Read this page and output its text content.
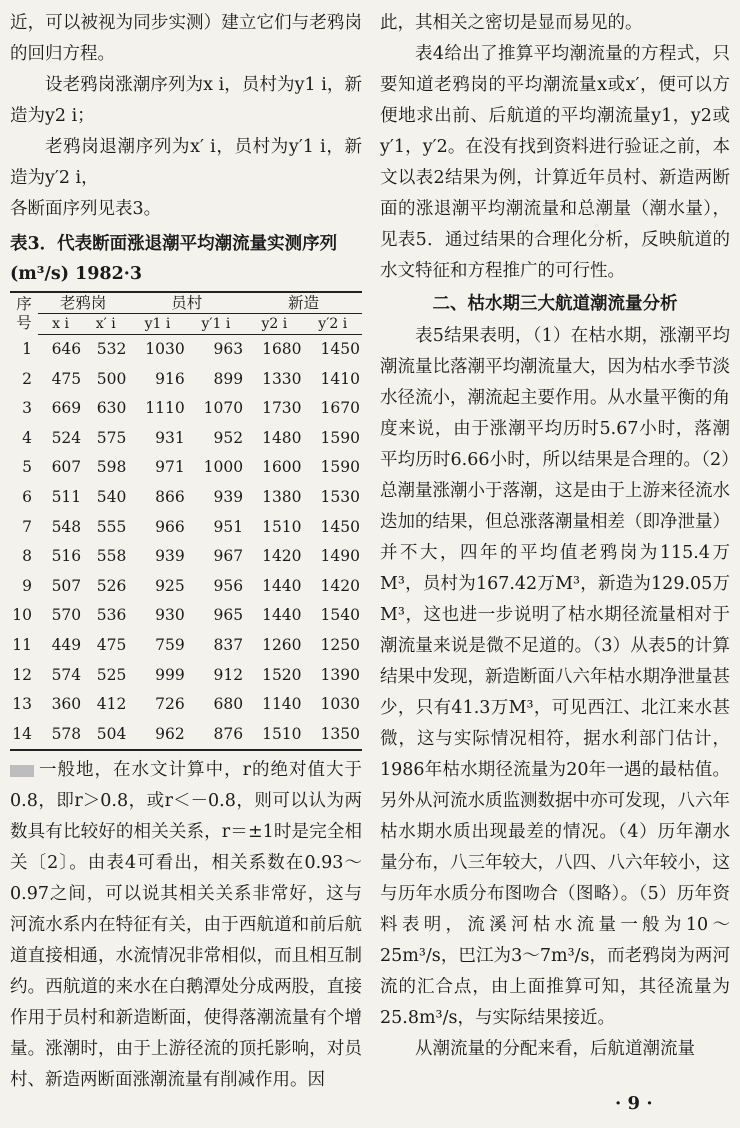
近，可以被视为同步实测）建立它们与老鸦岗的回归方程。

设老鸦岗涨潮序列为x i，员村为y1 i，新造为y2 i；

老鸦岗退潮序列为x′ i，员村为y′1 i，新造为y′2 i，

各断面序列见表3。

表3．代表断面涨退潮平均潮流量实测序列(m³/s) 1982·3
序号	老鸦岗		员村		新造	
	x i	x′ i	y1 i	y′1 i	y2 i	y′2 i
1	646	532	1030	963	1680	1450
2	475	500	916	899	1330	1410
3	669	630	1110	1070	1730	1670
4	524	575	931	952	1480	1590
5	607	598	971	1000	1600	1590
6	511	540	866	939	1380	1530
7	548	555	966	951	1510	1450
8	516	558	939	967	1420	1490
9	507	526	925	956	1440	1420
10	570	536	930	965	1440	1540
11	449	475	759	837	1260	1250
12	574	525	999	912	1520	1390
13	360	412	726	680	1140	1030
14	578	504	962	876	1510	1350

一般地，在水文计算中，r的绝对值大于0.8，即r＞0.8，或r＜－0.8，则可以认为两数具有比较好的相关关系，r＝±1时是完全相关〔2〕。由表4可看出，相关系数在0.93～0.97之间，可以说其相关关系非常好，这与河流水系内在特征有关，由于西航道和前后航道直接相通，水流情况非常相似，而且相互制约。西航道的来水在白鹅潭处分成两股，直接作用于员村和新造断面，使得落潮流量有个增量。涨潮时，由于上游径流的顶托影响，对员村、新造两断面涨潮流量有削减作用。因

此，其相关之密切是显而易见的。

表4给出了推算平均潮流量的方程式，只要知道老鸦岗的平均潮流量x或x′，便可以方便地求出前、后航道的平均潮流量y1，y2或y′1，y′2。在没有找到资料进行验证之前，本文以表2结果为例，计算近年员村、新造两断面的涨退潮平均潮流量和总潮量（潮水量），见表5．通过结果的合理化分析，反映航道的水文特征和方程推广的可行性。

二、枯水期三大航道潮流量分析

表5结果表明，（1）在枯水期，涨潮平均潮流量比落潮平均潮流量大，因为枯水季节淡水径流小，潮流起主要作用。从水量平衡的角度来说，由于涨潮平均历时5.67小时，落潮平均历时6.66小时，所以结果是合理的。（2）总潮量涨潮小于落潮，这是由于上游来径流水迭加的结果，但总涨落潮量相差（即净泄量）并不大，四年的平均值老鸦岗为115.4万M³，员村为167.42万M³，新造为129.05万M³，这也进一步说明了枯水期径流量相对于潮流量来说是微不足道的。（3）从表5的计算结果中发现，新造断面八六年枯水期净泄量甚少，只有41.3万M³，可见西江、北江来水甚微，这与实际情况相符，据水利部门估计，1986年枯水期径流量为20年一遇的最枯值。另外从河流水质监测数据中亦可发现，八六年枯水期水质出现最差的情况。（4）历年潮水量分布，八三年较大，八四、八六年较小，这与历年水质分布图吻合（图略）。（5）历年资料表明，流溪河枯水流量一般为10～25m³/s，巴江为3～7m³/s，而老鸦岗为两河流的汇合点，由上面推算可知，其径流量为25.8m³/s，与实际结果接近。

从潮流量的分配来看，后航道潮流量

· 9 ·
